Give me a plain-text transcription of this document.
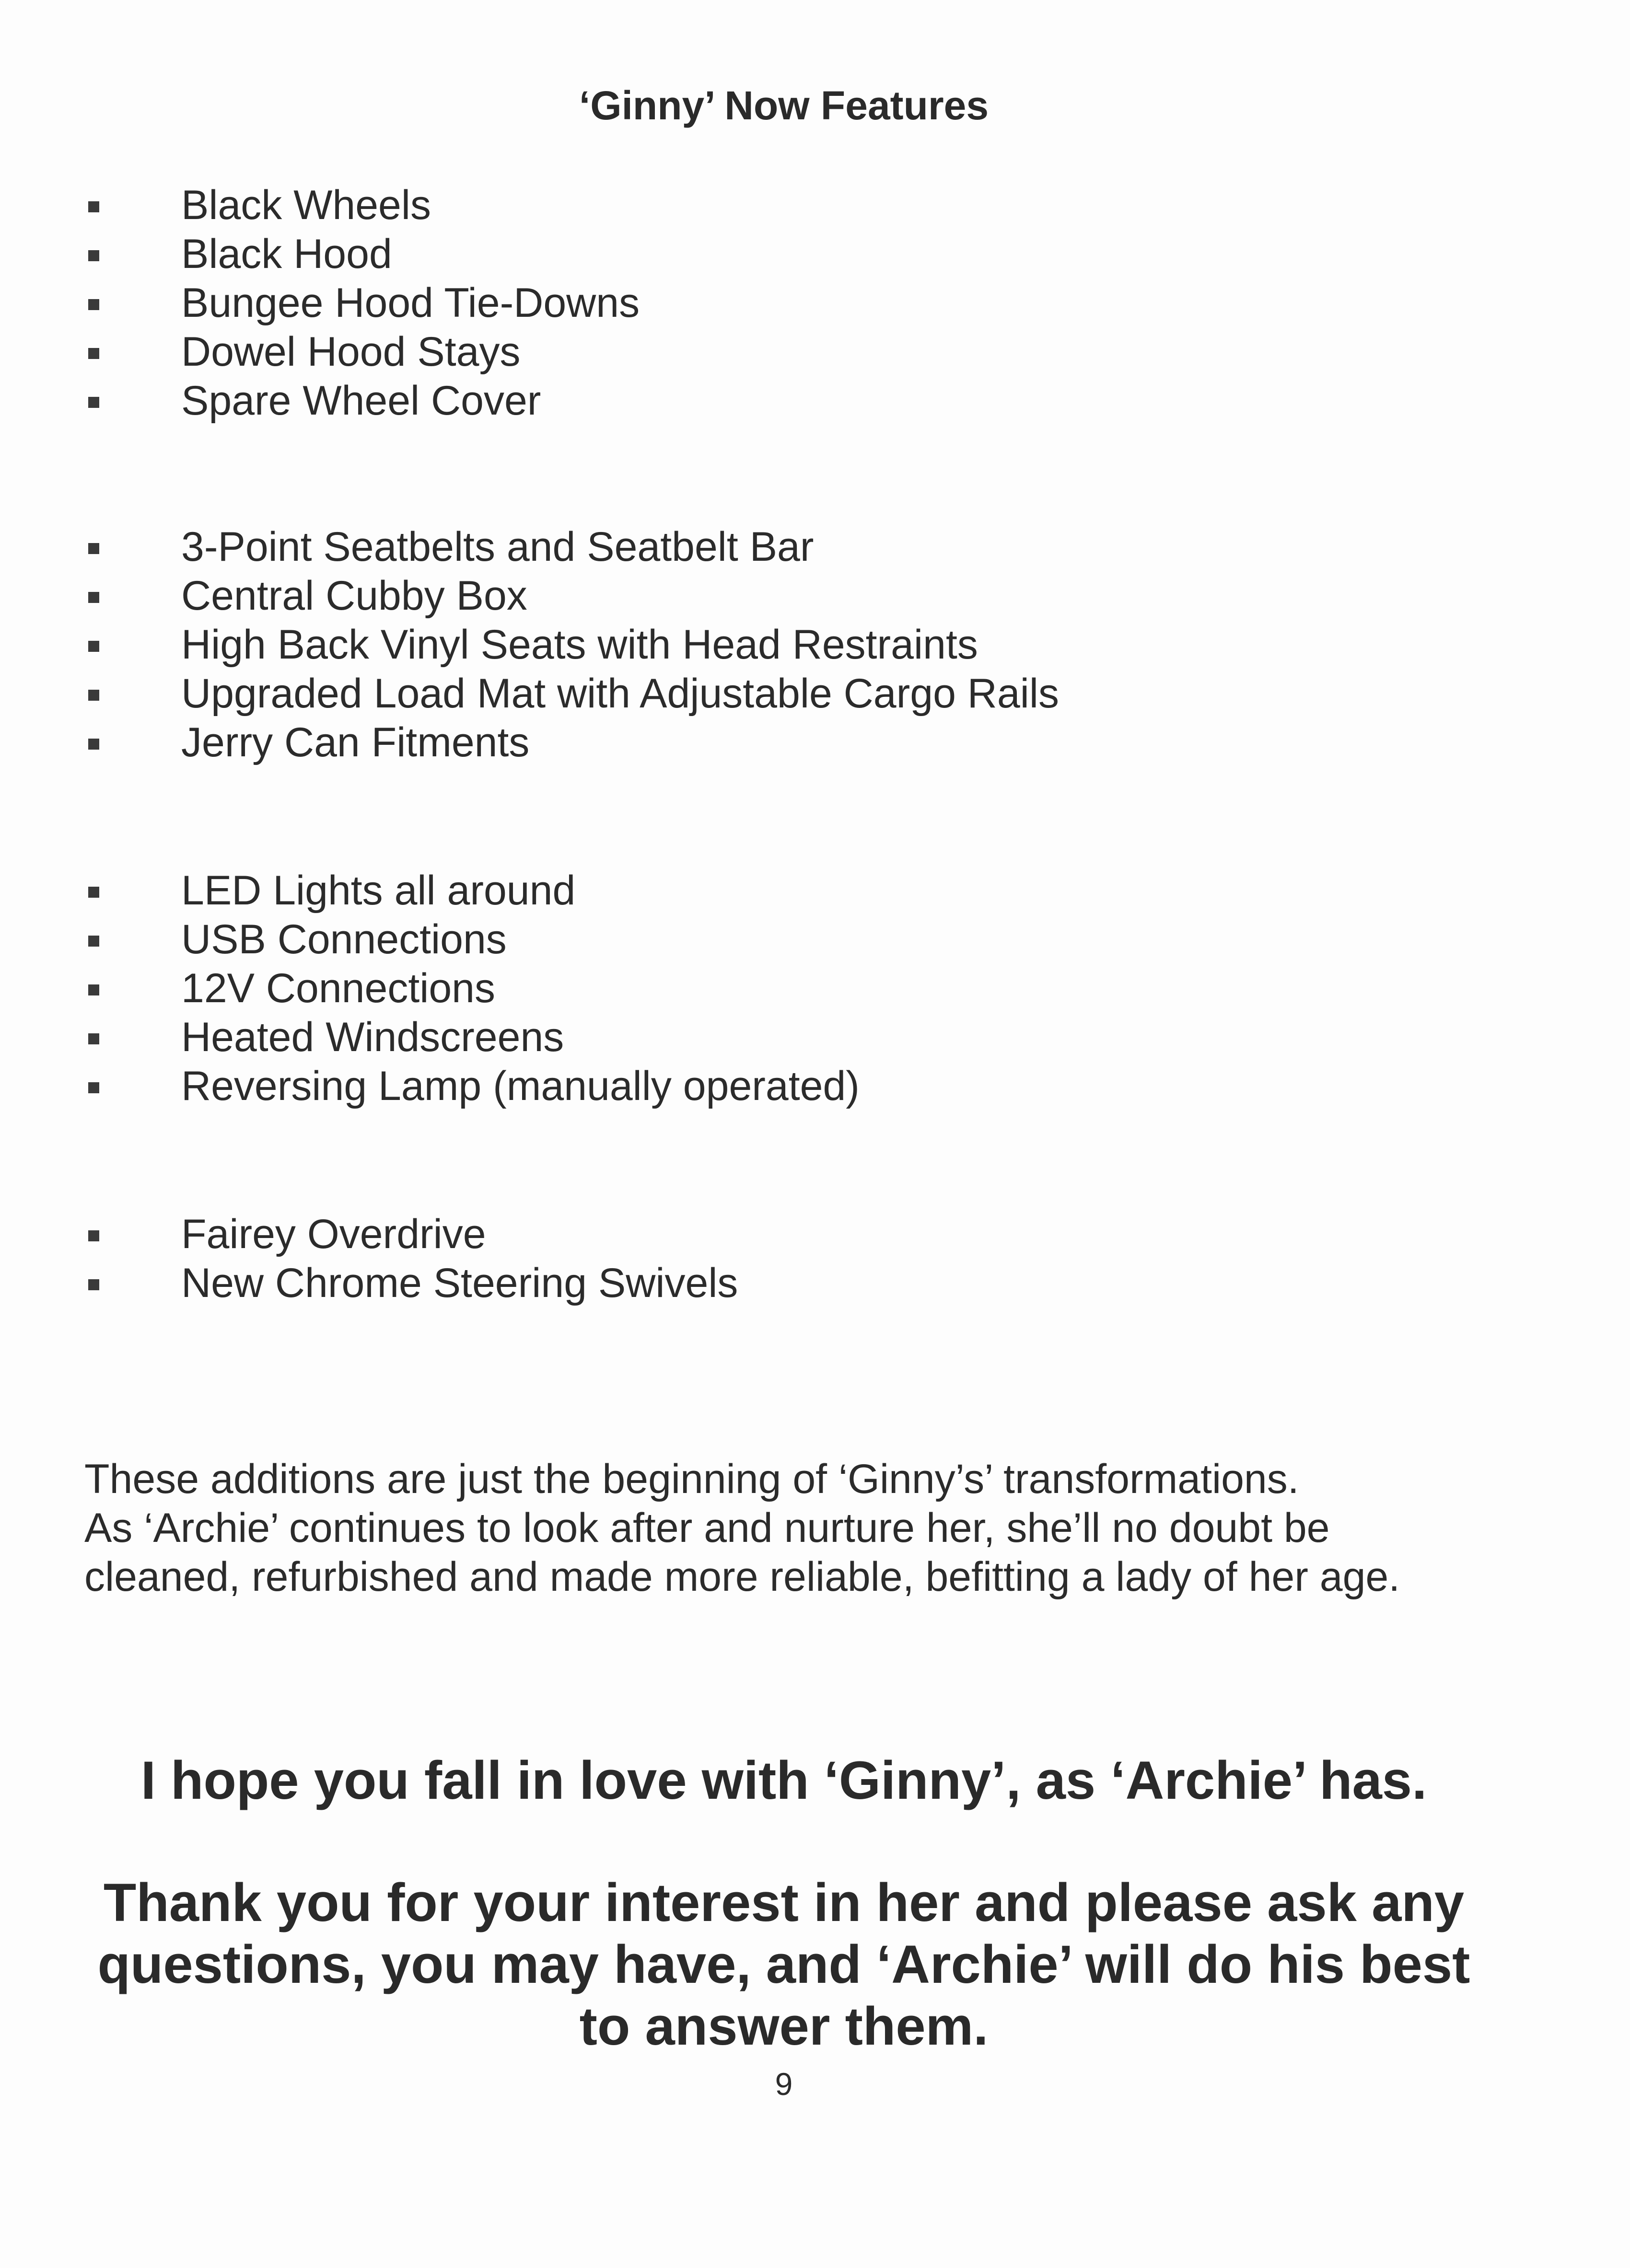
‘Ginny’ Now Features
Black Wheels
Black Hood
Bungee Hood Tie-Downs
Dowel Hood Stays
Spare Wheel Cover
3-Point Seatbelts and Seatbelt Bar
Central Cubby Box
High Back Vinyl Seats with Head Restraints
Upgraded Load Mat with Adjustable Cargo Rails
Jerry Can Fitments
LED Lights all around
USB Connections
12V Connections
Heated Windscreens
Reversing Lamp (manually operated)
Fairey Overdrive
New Chrome Steering Swivels
These additions are just the beginning of ‘Ginny’s’ transformations.
As ‘Archie’ continues to look after and nurture her, she’ll no doubt be
cleaned, refurbished and made more reliable, befitting a lady of her age.
I hope you fall in love with ‘Ginny’, as ‘Archie’ has.
Thank you for your interest in her and please ask any
questions, you may have, and ‘Archie’ will do his best
to answer them.
9
